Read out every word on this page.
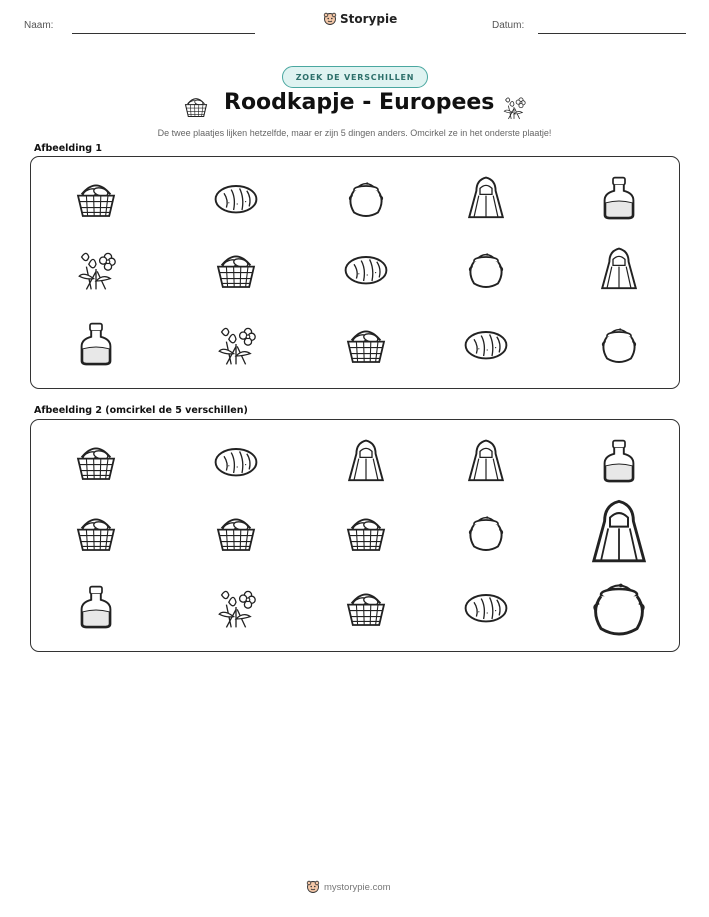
Naam:	Storypie	Datum:
ZOEK DE VERSCHILLEN
Roodkapje - Europees
De twee plaatjes lijken hetzelfde, maar er zijn 5 dingen anders. Omcirkel ze in het onderste plaatje!
Afbeelding 1
Afbeelding 2 (omcirkel de 5 verschillen)
mystorypie.com
